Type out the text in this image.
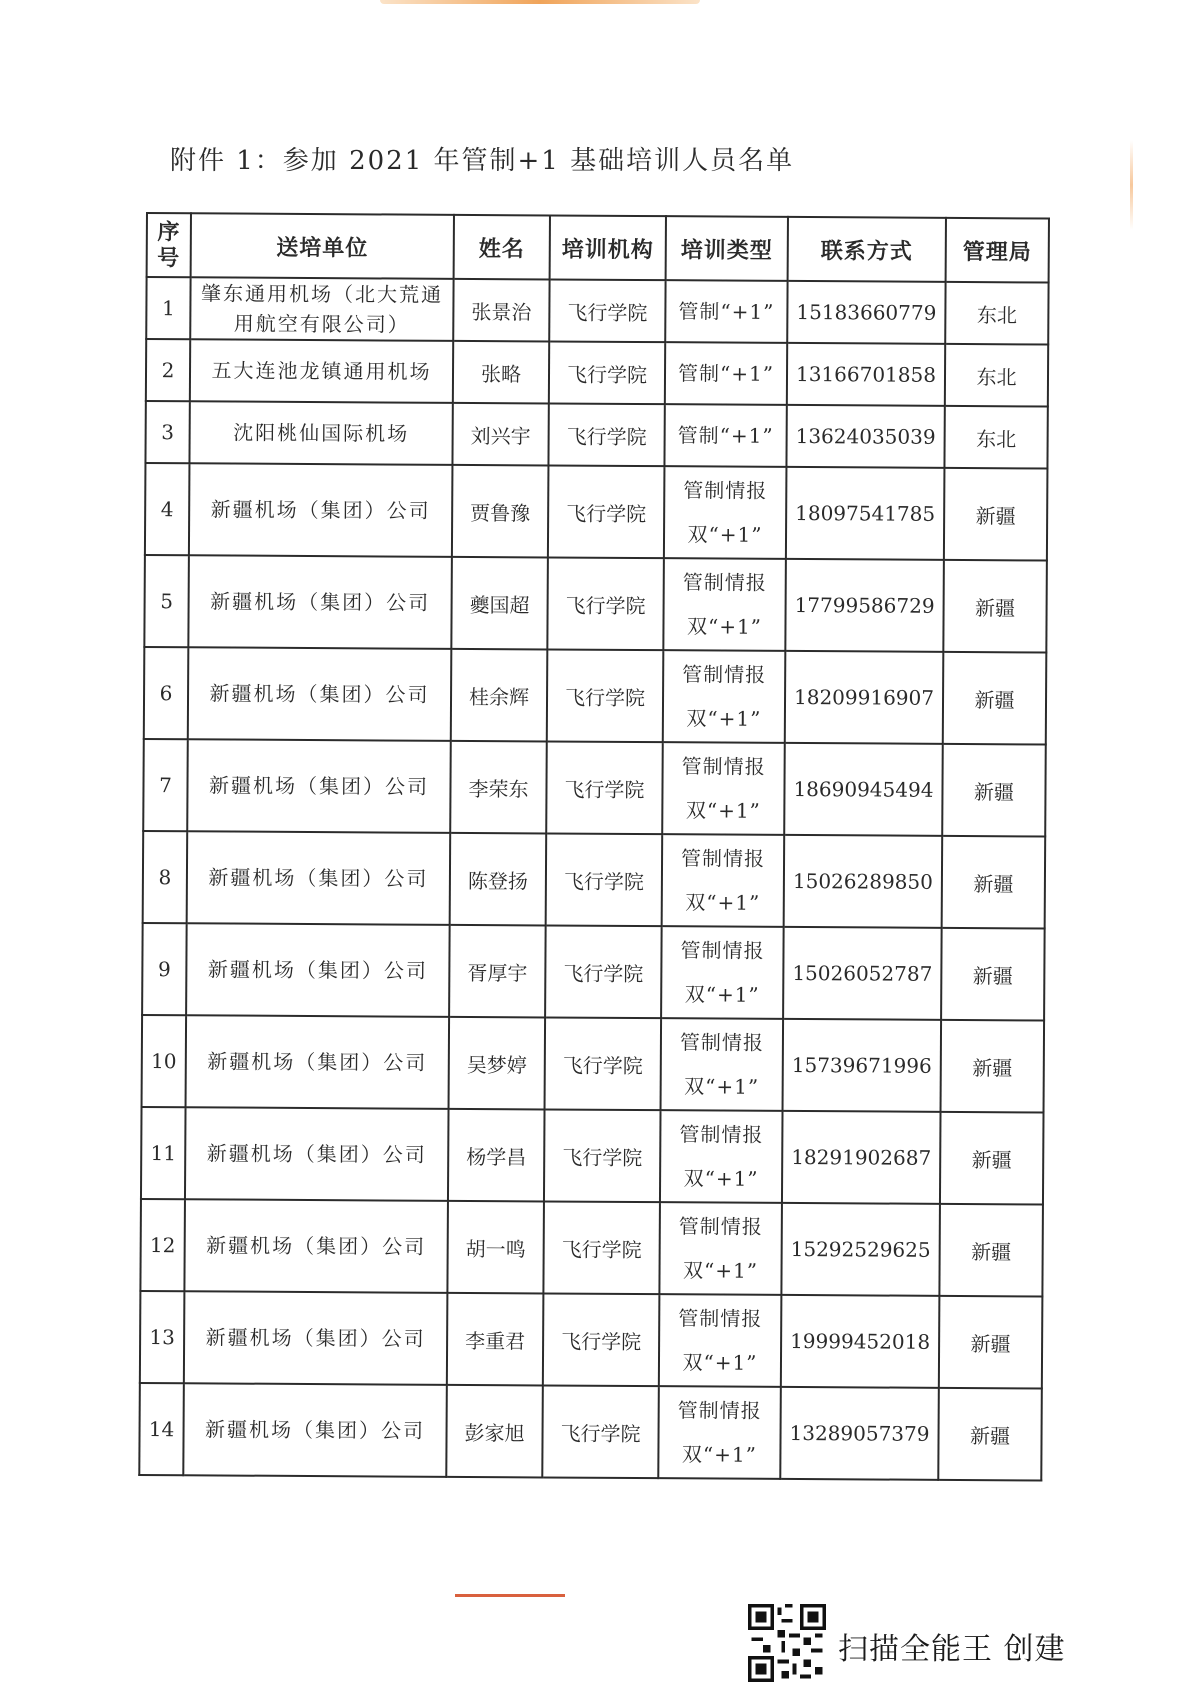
附件 1：参加 2021 年管制+1 基础培训人员名单
序号	送培单位	姓名	培训机构	培训类型	联系方式	管理局
1	肇东通用机场（北大荒通用航空有限公司）	张景治	飞行学院	管制“+1”	15183660779	东北
2	五大连池龙镇通用机场	张略	飞行学院	管制“+1”	13166701858	东北
3	沈阳桃仙国际机场	刘兴宇	飞行学院	管制“+1”	13624035039	东北
4	新疆机场（集团）公司	贾鲁豫	飞行学院	管制情报双“+1”	18097541785	新疆
5	新疆机场（集团）公司	夔国超	飞行学院	管制情报双“+1”	17799586729	新疆
6	新疆机场（集团）公司	桂余辉	飞行学院	管制情报双“+1”	18209916907	新疆
7	新疆机场（集团）公司	李荣东	飞行学院	管制情报双“+1”	18690945494	新疆
8	新疆机场（集团）公司	陈登扬	飞行学院	管制情报双“+1”	15026289850	新疆
9	新疆机场（集团）公司	胥厚宇	飞行学院	管制情报双“+1”	15026052787	新疆
10	新疆机场（集团）公司	吴梦婷	飞行学院	管制情报双“+1”	15739671996	新疆
11	新疆机场（集团）公司	杨学昌	飞行学院	管制情报双“+1”	18291902687	新疆
12	新疆机场（集团）公司	胡一鸣	飞行学院	管制情报双“+1”	15292529625	新疆
13	新疆机场（集团）公司	李重君	飞行学院	管制情报双“+1”	19999452018	新疆
14	新疆机场（集团）公司	彭家旭	飞行学院	管制情报双“+1”	13289057379	新疆
扫描全能王 创建
